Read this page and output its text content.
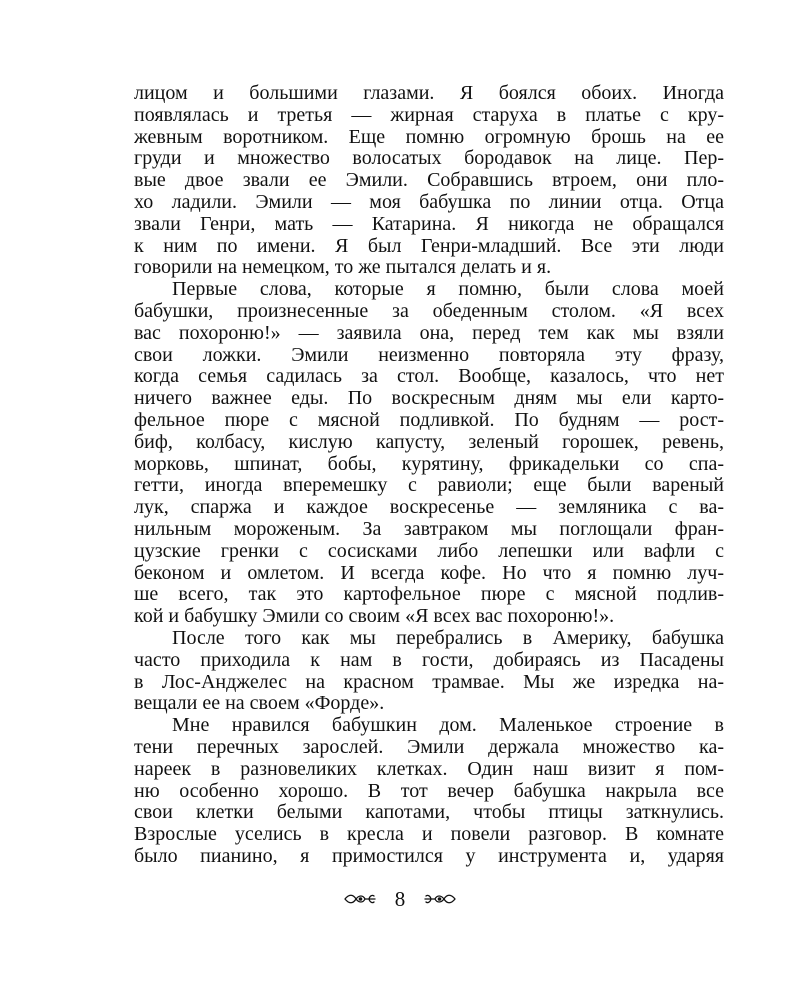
лицом и большими глазами. Я боялся обоих. Иногда
появлялась и третья — жирная старуха в платье с кру-
жевным воротником. Еще помню огромную брошь на ее
груди и множество волосатых бородавок на лице. Пер-
вые двое звали ее Эмили. Собравшись втроем, они пло-
хо ладили. Эмили — моя бабушка по линии отца. Отца
звали Генри, мать — Катарина. Я никогда не обращался
к ним по имени. Я был Генри-младший. Все эти люди
говорили на немецком, то же пытался делать и я.
Первые слова, которые я помню, были слова моей
бабушки, произнесенные за обеденным столом. «Я всех
вас похороню!» — заявила она, перед тем как мы взяли
свои ложки. Эмили неизменно повторяла эту фразу,
когда семья садилась за стол. Вообще, казалось, что нет
ничего важнее еды. По воскресным дням мы ели карто-
фельное пюре с мясной подливкой. По будням — рост-
биф, колбасу, кислую капусту, зеленый горошек, ревень,
морковь, шпинат, бобы, курятину, фрикадельки со спа-
гетти, иногда вперемешку с равиоли; еще были вареный
лук, спаржа и каждое воскресенье — земляника с ва-
нильным мороженым. За завтраком мы поглощали фран-
цузские гренки с сосисками либо лепешки или вафли с
беконом и омлетом. И всегда кофе. Но что я помню луч-
ше всего, так это картофельное пюре с мясной подлив-
кой и бабушку Эмили со своим «Я всех вас похороню!».
После того как мы перебрались в Америку, бабушка
часто приходила к нам в гости, добираясь из Пасадены
в Лос-Анджелес на красном трамвае. Мы же изредка на-
вещали ее на своем «Форде».
Мне нравился бабушкин дом. Маленькое строение в
тени перечных зарослей. Эмили держала множество ка-
нареек в разновеликих клетках. Один наш визит я пом-
ню особенно хорошо. В тот вечер бабушка накрыла все
свои клетки белыми капотами, чтобы птицы заткнулись.
Взрослые уселись в кресла и повели разговор. В комнате
было пианино, я примостился у инструмента и, ударяя
8
